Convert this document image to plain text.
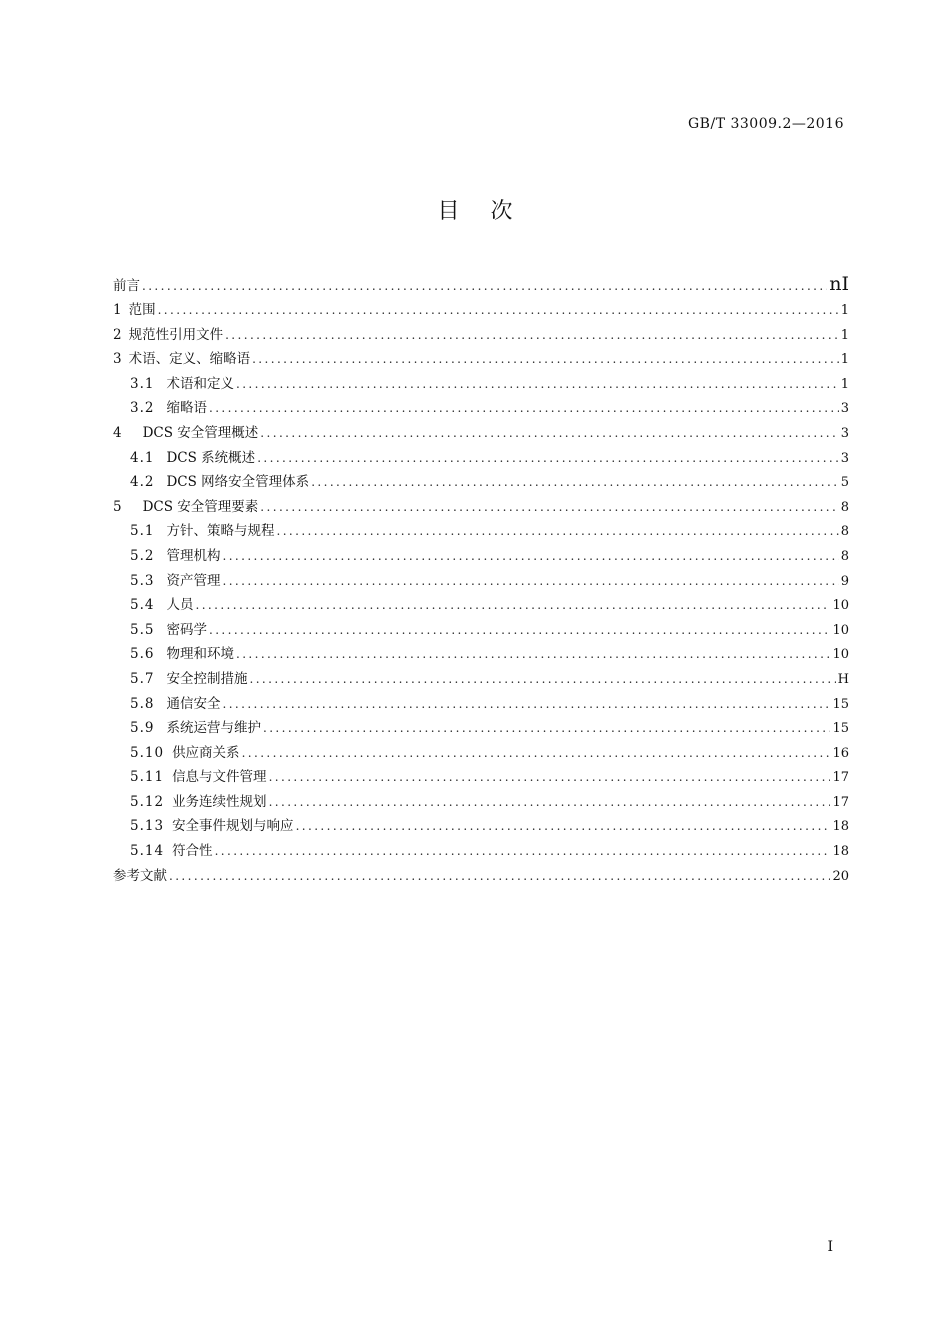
GB/T 33009.2—2016
目 次
前言 .....	nI
1 范围 .....	1
2 规范性引用文件 .....	1
3 术语、定义、缩略语 .....	1
3.1 术语和定义 .....	1
3.2 缩略语 .....	3
4 DCS 安全管理概述 .....	3
4.1 DCS 系统概述 .....	3
4.2 DCS 网络安全管理体系 .....	5
5 DCS 安全管理要素 .....	8
5.1 方针、策略与规程 .....	8
5.2 管理机构 .....	8
5.3 资产管理 .....	9
5.4 人员 .....	10
5.5 密码学 .....	10
5.6 物理和环境 .....	10
5.7 安全控制措施 .....	H
5.8 通信安全 .....	15
5.9 系统运营与维护 .....	15
5.10 供应商关系 .....	16
5.11 信息与文件管理 .....	17
5.12 业务连续性规划 .....	17
5.13 安全事件规划与响应 .....	18
5.14 符合性 .....	18
参考文献 .....	20
I
